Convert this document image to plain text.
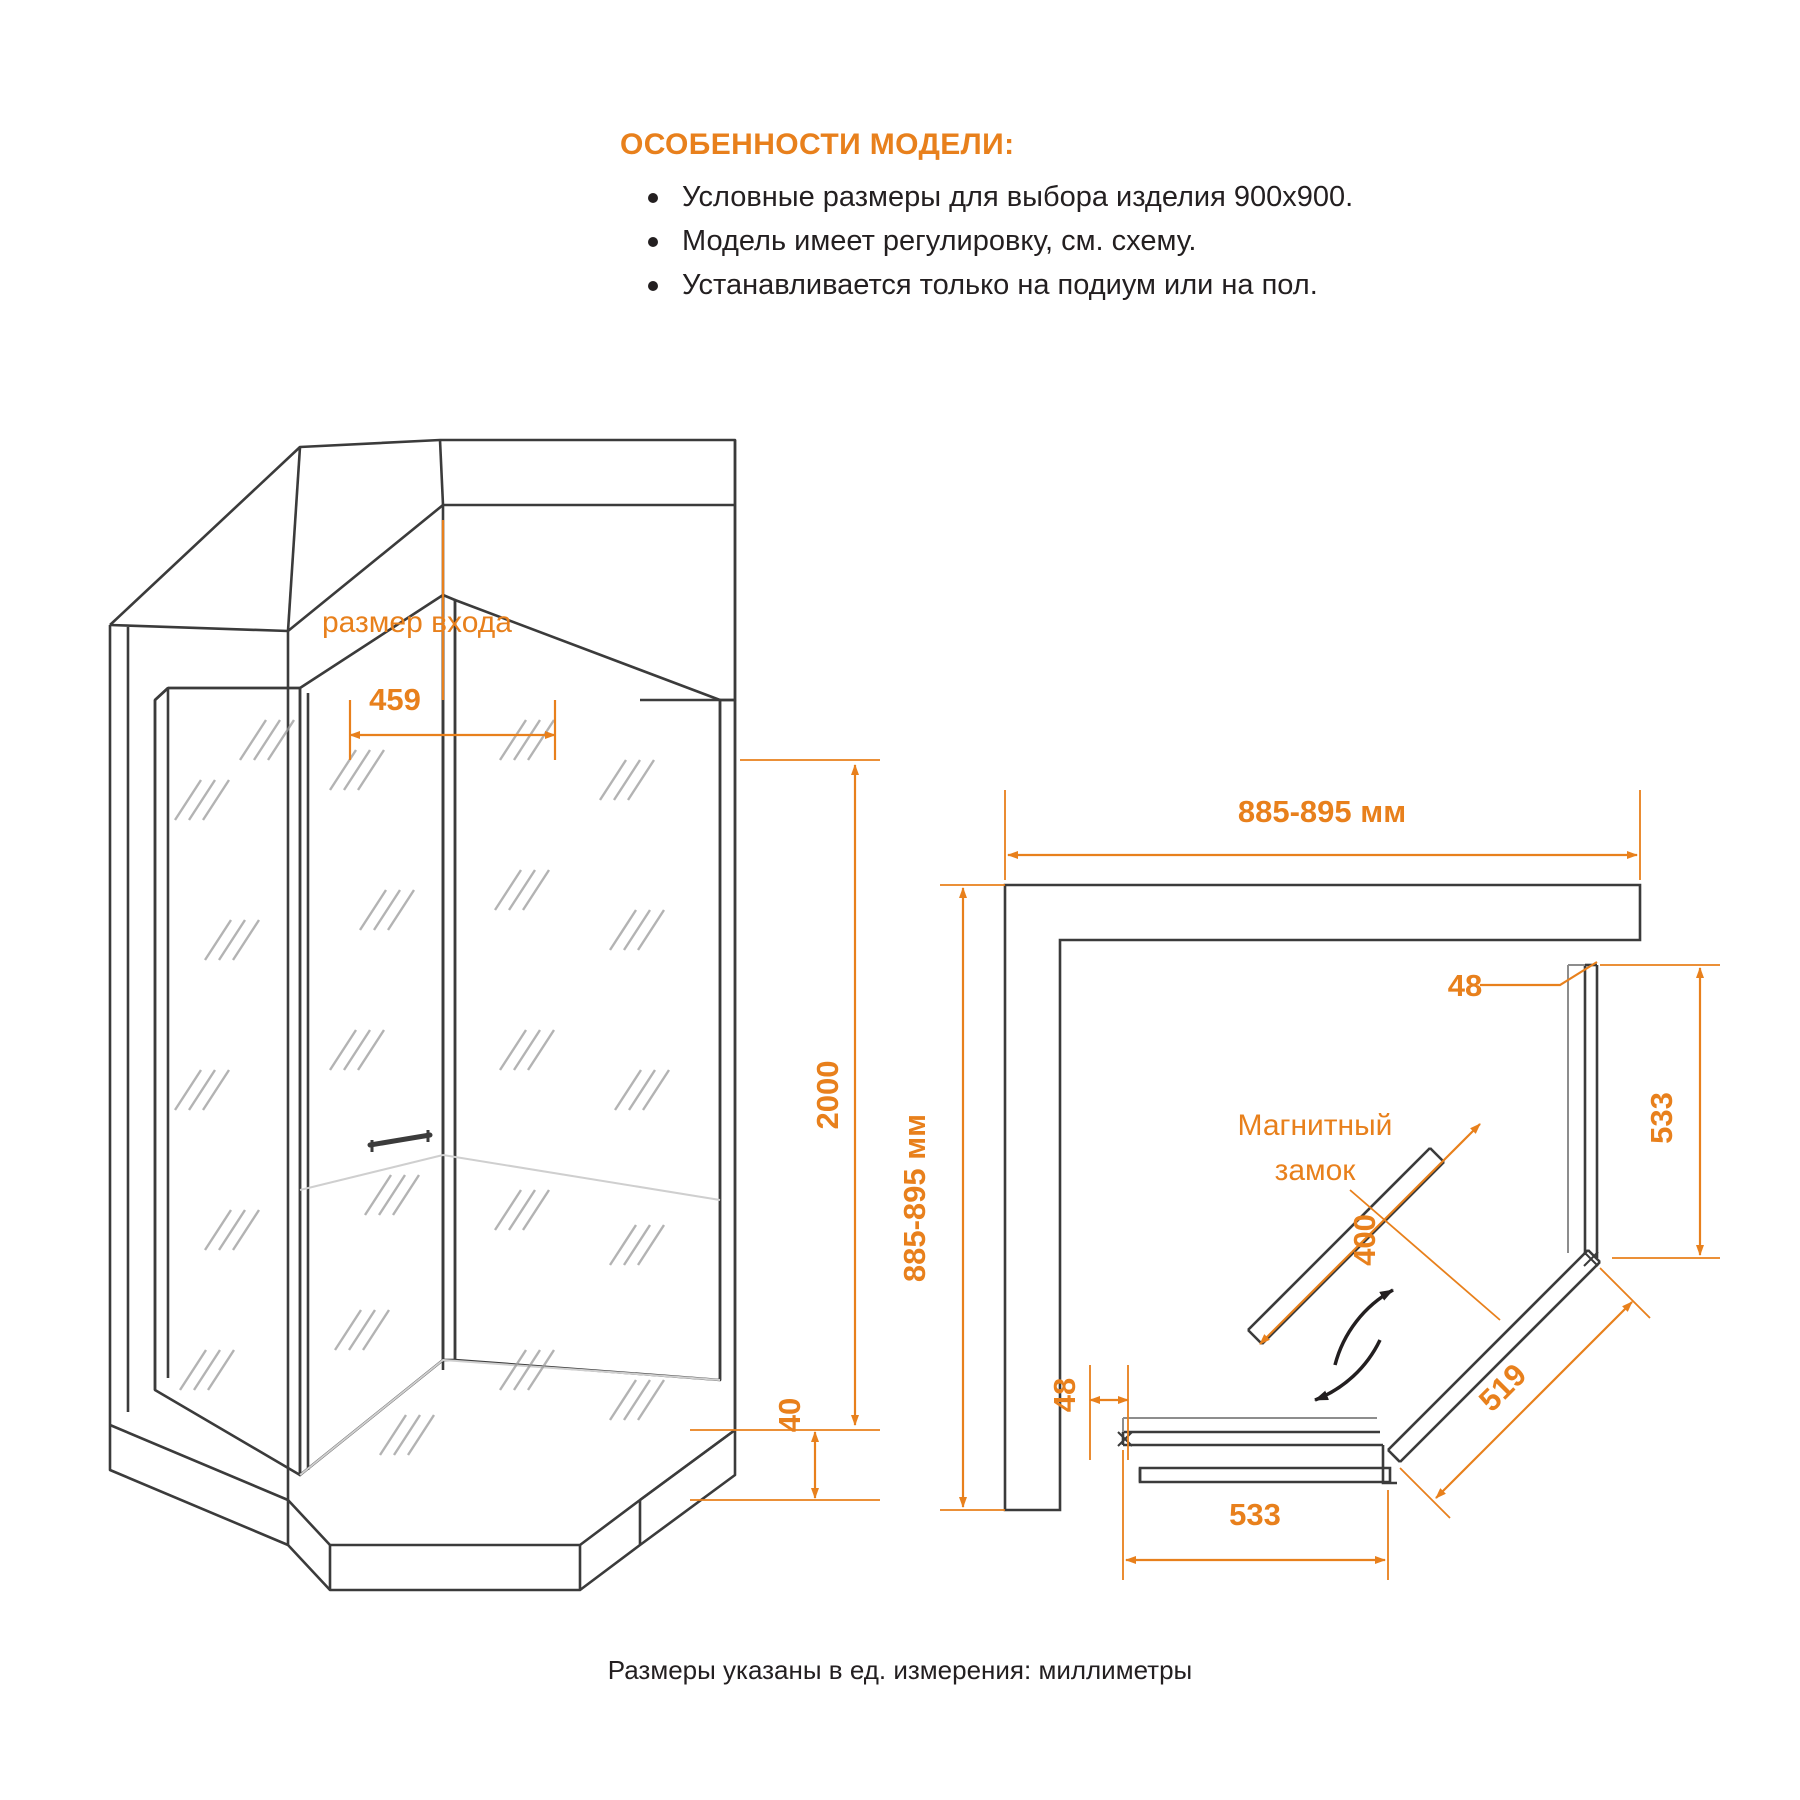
ОСОБЕННОСТИ МОДЕЛИ:
Условные размеры для выбора изделия 900x900.
Модель имеет регулировку, см. схему.
Устанавливается только на подиум или на пол.
Размеры указаны в ед. измерения: миллиметры
размер входа
459
2000
40
885-895 мм
885-895 мм
48
48
533
533
519
400
Магнитный
замок
